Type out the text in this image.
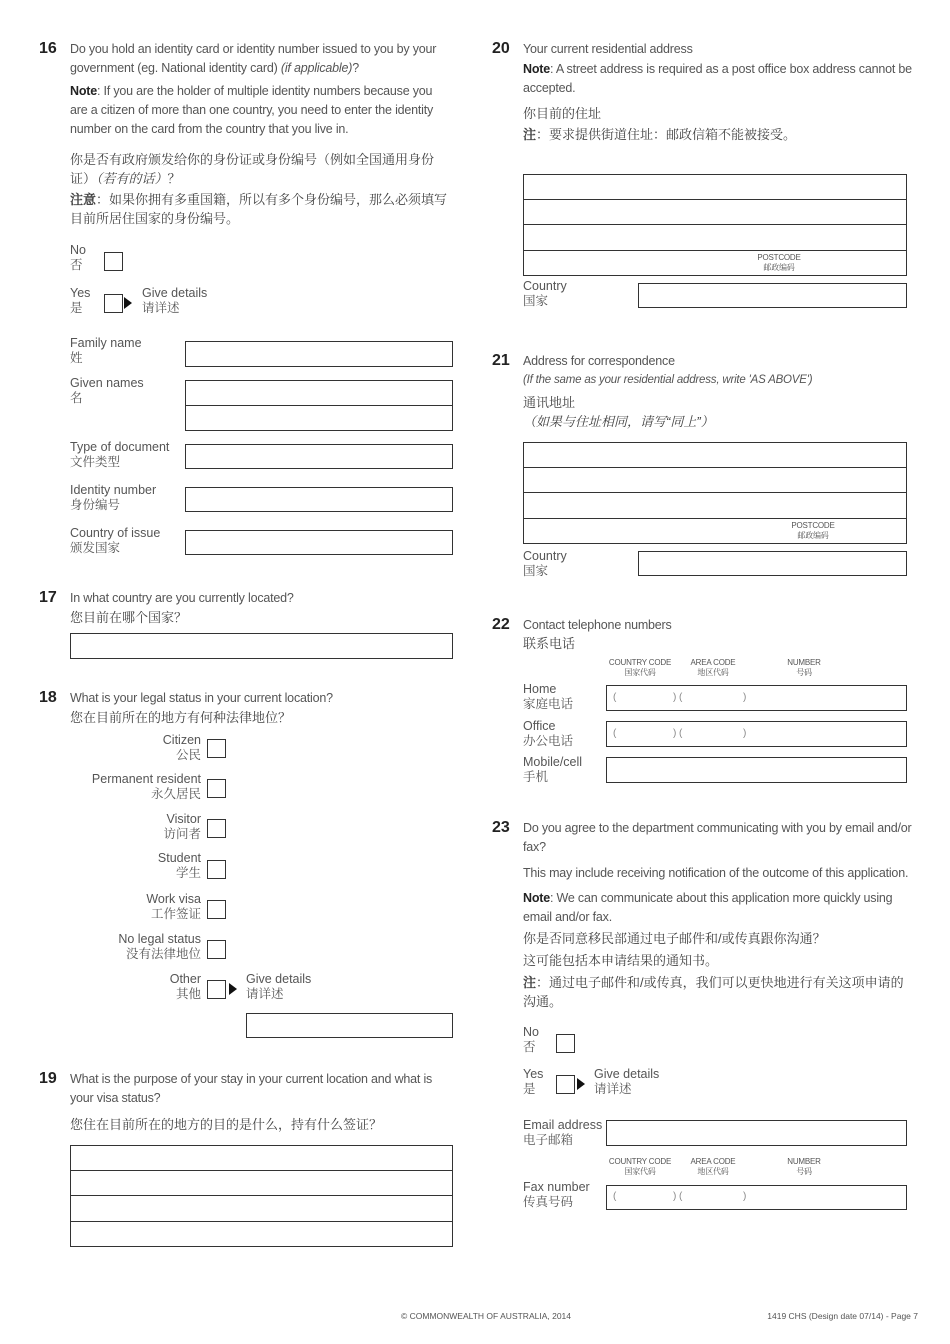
16 Do you hold an identity card or identity number issued to you by your government (eg. National identity card) (if applicable)?
Note: If you are the holder of multiple identity numbers because you are a citizen of more than one country, you need to enter the identity number on the card from the country that you live in.
你是否有政府颁发给你的身份证或身份编号（例如全国通用身份证）（若有的话）？
注意：如果你拥有多重国籍，所以有多个身份编号，那么必须填写目前所居住国家的身份编号。
No
否
Yes
是
Give details
请详述
Family name
姓
Given names
名
Type of document
文件类型
Identity number
身份编号
Country of issue
颁发国家
17 In what country are you currently located?
您目前在哪个国家？
18 What is your legal status in your current location?
您在目前所在的地方有何种法律地位？
Citizen
公民
Permanent resident
永久居民
Visitor
访问者
Student
学生
Work visa
工作签证
No legal status
没有法律地位
Other
其他
Give details
请详述
19 What is the purpose of your stay in your current location and what is your visa status?
您住在目前所在的地方的目的是什么，持有什么签证？
20 Your current residential address
Note: A street address is required as a post office box address cannot be accepted.
你目前的住址
注：要求提供街道住址：邮政信箱不能被接受。
POSTCODE
邮政编码
Country
国家
21 Address for correspondence
(If the same as your residential address, write 'AS ABOVE')
通讯地址
（如果与住址相同，请写“同上”）
POSTCODE
邮政编码
Country
国家
22 Contact telephone numbers
联系电话
COUNTRY CODE
国家代码
AREA CODE
地区代码
NUMBER
号码
Home
家庭电话	(	) (	)
Office
办公电话
(	) (	)
Mobile/cell
手机
23 Do you agree to the department communicating with you by email and/or fax?
This may include receiving notification of the outcome of this application.
Note: We can communicate about this application more quickly using email and/or fax.
你是否同意移民部通过电子邮件和/或传真跟你沟通？
这可能包括本申请结果的通知书。
注：通过电子邮件和/或传真，我们可以更快地进行有关这项申请的沟通。
No
否
Yes
是
Give details
请详述
Email address
电子邮箱
COUNTRY CODE
国家代码
AREA CODE
地区代码
NUMBER
号码
Fax number
传真号码	(	) (	)
© COMMONWEALTH OF AUSTRALIA, 2014	1419 CHS (Design date 07/14) - Page 7
